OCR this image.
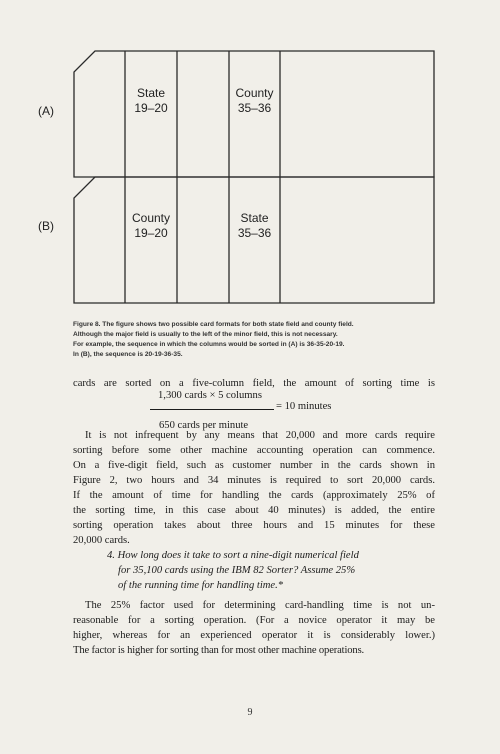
(A)
State
19–20
County
35–36
(B)
County
19–20
State
35–36
Figure 8. The figure shows two possible card formats for both state field and county field.
Although the major field is usually to the left of the minor field, this is not necessary.
For example, the sequence in which the columns would be sorted in (A) is 36-35-20-19.
In (B), the sequence is 20-19-36-35.
cards are sorted on a five-column field, the amount of sorting time is
1,300 cards × 5 columns
650 cards per minute
= 10 minutes
It is not infrequent by any means that 20,000 and more cards require
sorting before some other machine accounting operation can commence.
On a five-digit field, such as customer number in the cards shown in
Figure 2, two hours and 34 minutes is required to sort 20,000 cards.
If the amount of time for handling the cards (approximately 25% of
the sorting time, in this case about 40 minutes) is added, the entire
sorting operation takes about three hours and 15 minutes for these
20,000 cards.
4. How long does it take to sort a nine-digit numerical field
for 35,100 cards using the IBM 82 Sorter? Assume 25%
of the running time for handling time.*
The 25% factor used for determining card-handling time is not un-
reasonable for a sorting operation. (For a novice operator it may be
higher, whereas for an experienced operator it is considerably lower.)
The factor is higher for sorting than for most other machine operations.
9
